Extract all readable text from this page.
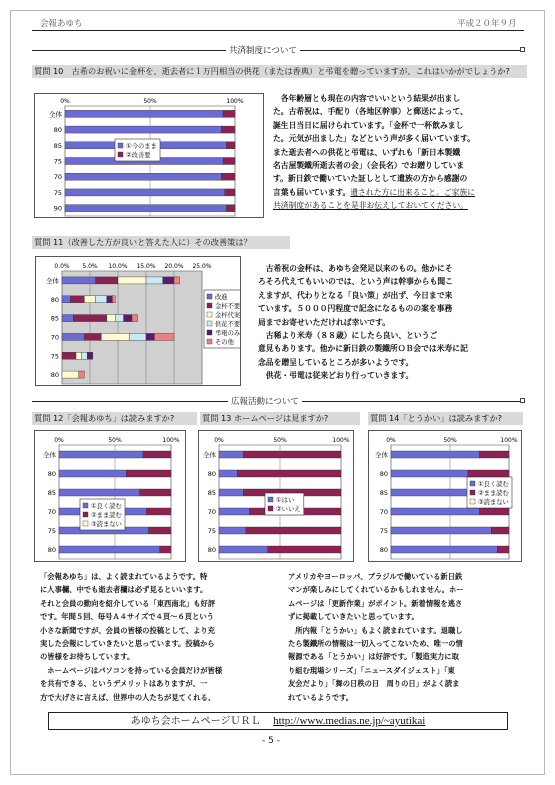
会報あゆち	平成２０年９月
共済制度について
質問 10　古希のお祝いに金杯を、逝去者に１万円相当の供花（または香典）と弔電を贈っていますが、これはいかがでしょうか?
0%	50%	100%
全体
80
85
75
70
75
90
①今のまま
②改善要
　各年齢層とも現在の内容でいいという結果が出まし
た。古希祝は、手配り（各地区幹事）と郵送によって、
誕生日当日に届けられています。「金杯で一杯飲みまし
た。元気が出ました」などという声が多く届いています。
また逝去者への供花と弔電は、いずれも「新日本製鐵
名古屋製鐵所逝去者の会」（会長名）でお贈りしていま
す。新日鉄で働いていた証しとして遺族の方から感謝の
言葉も届いています。遺された方に出来ること。ご家族に
共済制度があることを是非お伝えしておいてください。
質問 11（改善した方が良いと答えた人に）その改善策は？
0.0% 5.0% 10.0% 15.0% 20.0% 25.0%
全体
80
85
70
75
80
改進
金杯不要
金杯代案
供花不要
弔電のみ
その他
　古希祝の金杯は、あゆち会発足以来のもの。他かにそ
ろそろ代えてもいいのでは、という声は幹事からも聞こ
えますが、代わりとなる「良い策」が出ず、今日まで来
ています。５０００円程度で記念になるものの案を事務
局までお寄せいただければ幸いです。
　古稀より米寿（８８歳）にしたら良い、というご
意見もあります。他かに新日鉄の製鐵所ＯＢ会では米寿に記
念品を贈呈しているところが多いようです。
　供花・弔電は従来どおり行っていきます。
広報活動について
質問 12「会報あゆち」は読みますか?	質問 13 ホームページは見ますか?	質問 14「とうかい」は読みますか?
0%	50%	100%
全体
80
85
70
75
80
①良く読む
②まま読む
③読まない
0%	50%	100%
全体
80
85
70
75
80
①はい
②いいえ
0%	50%	100%
全体
80
85
70
75
80
①良く読む
②まま読む
③読まない
「会報あゆち」は、よく読まれているようです。特
に人事欄、中でも逝去者欄は必ず見るといいます。
それと会員の動向を紹介している「東西南北」も好評
です。年間５回、毎号Ａ４サイズで４頁～６頁という
小さな新聞ですが、会員の皆様の投稿として、より充
実した会報にしていきたいと思っています。投稿から
の皆様をお待ちしています。
　ホームページはパソコンを持っている会員だけが皆様
を共有できる、というデメリットはありますが、一
方で大げさに言えば、世界中の人たちが見てくれる、
アメリカやヨーロッパ、ブラジルで働いている新日鉄
マンが楽しみにしてくれているかもしれません。ホー
ムページは「更新作業」がポイント。新着情報を逃さ
ずに掲載していきたいと思っています。
　所内報「とうかい」もよく読まれています。退職し
たら製鐵所の情報は一切入ってこないため、唯一の情
報源である「とうかい」は好評です。「製造実力に取
り組む現場シリーズ」「ニュースダイジェスト」「東
友会だより」「舞の日秩の日　周りの日」がよく読ま
れているようです。
あゆち会ホームページＵＲＬ http://www.medias.ne.jp/~ayutikai
- 5 -
